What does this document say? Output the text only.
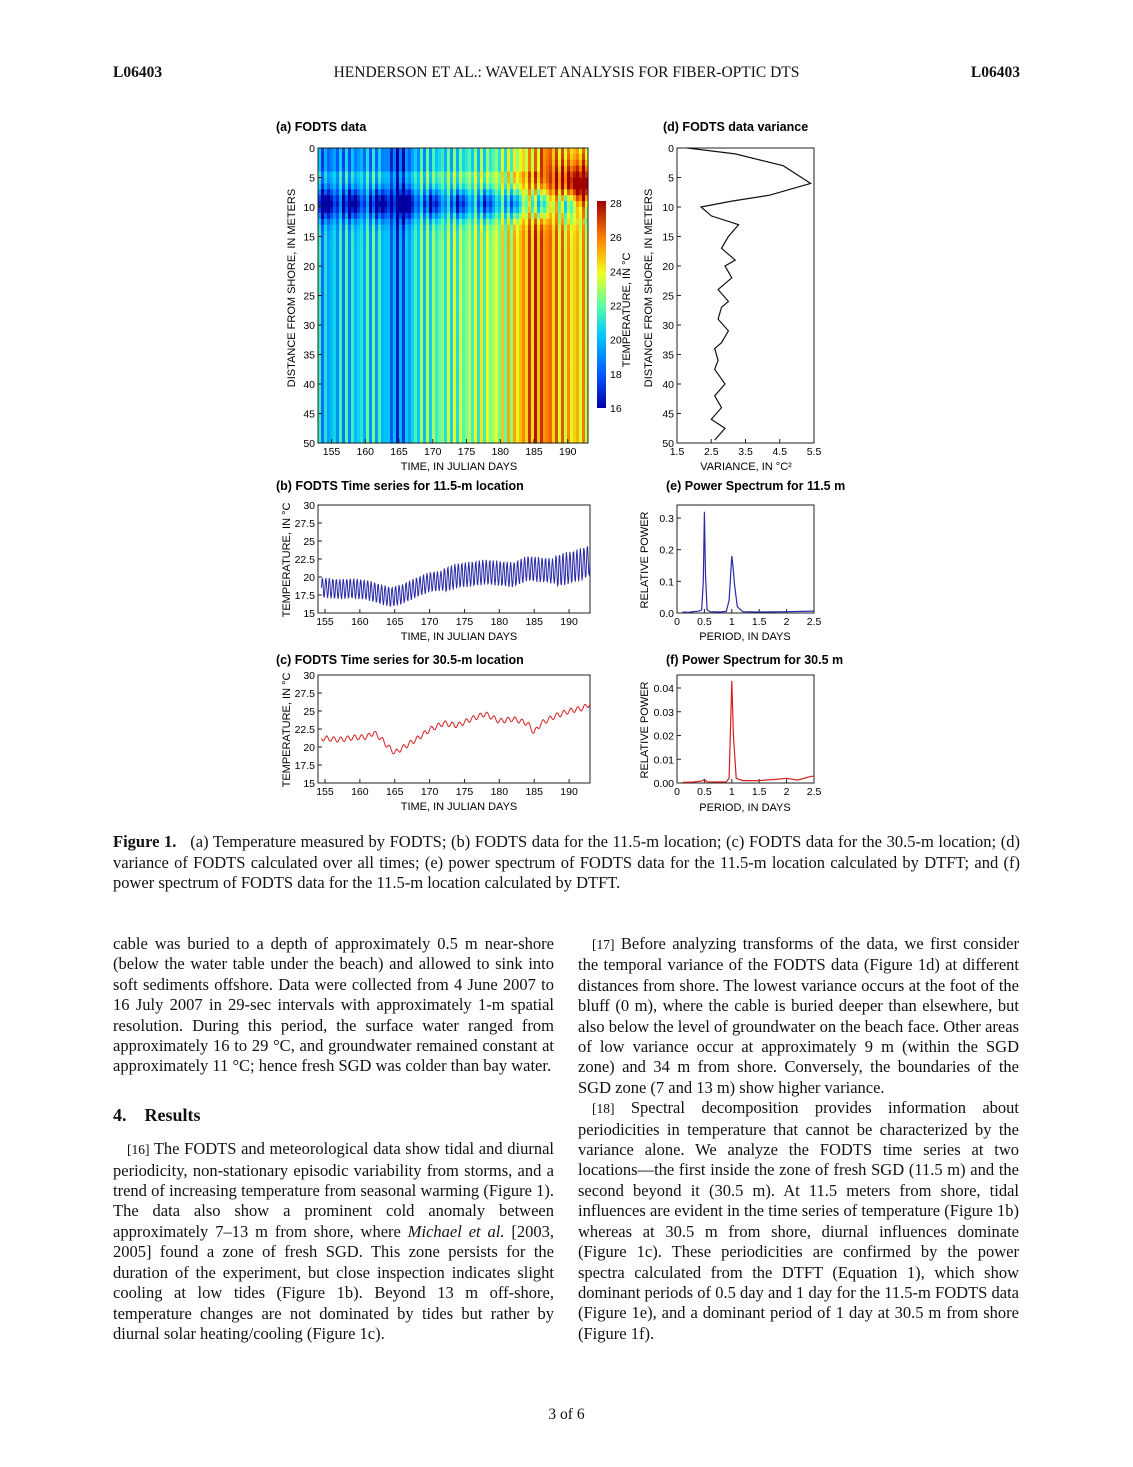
L06403	HENDERSON ET AL.: WAVELET ANALYSIS FOR FIBER-OPTIC DTS	L06403
(a) FODTS data
0
5
10
15
20
25
30
35
40
45
50
155 160 165 170 175 180 185 190
TIME, IN JULIAN DAYS
DISTANCE FROM SHORE, IN METERS	28
26
24
22
20
18
16
TEMPERATURE, IN °C
(d) FODTS data variance
0
5
10
15
20
25
30
35
40
45
50
1.5 2.5 3.5 4.5 5.5
VARIANCE, IN °C²
DISTANCE FROM SHORE, IN METERS
(b) FODTS Time series for 11.5-m location
30
27.5
25
22.5
20
17.5
15
155 160 165 170 175 180 185 190
TIME, IN JULIAN DAYS
TEMPERATURE, IN °C
(e) Power Spectrum for 11.5 m
0.3
0.2
0.1
0.0
0 0.5 1 1.5 2 2.5
PERIOD, IN DAYS
RELATIVE POWER
(c) FODTS Time series for 30.5-m location
30
27.5
25
22.5
20
17.5
15
155 160 165 170 175 180 185 190
TIME, IN JULIAN DAYS
TEMPERATURE, IN °C
(f) Power Spectrum for 30.5 m
0.04
0.03
0.02
0.01
0.00
0 0.5 1 1.5 2 2.5
PERIOD, IN DAYS
RELATIVE POWER
Figure 1. (a) Temperature measured by FODTS; (b) FODTS data for the 11.5-m location; (c) FODTS data for the 30.5-m location; (d) variance of FODTS calculated over all times; (e) power spectrum of FODTS data for the 11.5-m location calculated by DTFT; and (f) power spectrum of FODTS data for the 11.5-m location calculated by DTFT.

cable was buried to a depth of approximately 0.5 m near-shore (below the water table under the beach) and allowed to sink into soft sediments offshore. Data were collected from 4 June 2007 to 16 July 2007 in 29-sec intervals with approximately 1-m spatial resolution. During this period, the surface water ranged from approximately 16 to 29 °C, and groundwater remained constant at approximately 11 °C; hence fresh SGD was colder than bay water.

4. Results

[16] The FODTS and meteorological data show tidal and diurnal periodicity, non-stationary episodic variability from storms, and a trend of increasing temperature from seasonal warming (Figure 1). The data also show a prominent cold anomaly between approximately 7–13 m from shore, where Michael et al. [2003, 2005] found a zone of fresh SGD. This zone persists for the duration of the experiment, but close inspection indicates slight cooling at low tides (Figure 1b). Beyond 13 m off-shore, temperature changes are not dominated by tides but rather by diurnal solar heating/cooling (Figure 1c).

[17] Before analyzing transforms of the data, we first consider the temporal variance of the FODTS data (Figure 1d) at different distances from shore. The lowest variance occurs at the foot of the bluff (0 m), where the cable is buried deeper than elsewhere, but also below the level of groundwater on the beach face. Other areas of low variance occur at approximately 9 m (within the SGD zone) and 34 m from shore. Conversely, the boundaries of the SGD zone (7 and 13 m) show higher variance.

[18] Spectral decomposition provides information about periodicities in temperature that cannot be characterized by the variance alone. We analyze the FODTS time series at two locations—the first inside the zone of fresh SGD (11.5 m) and the second beyond it (30.5 m). At 11.5 meters from shore, tidal influences are evident in the time series of temperature (Figure 1b) whereas at 30.5 m from shore, diurnal influences dominate (Figure 1c). These periodicities are confirmed by the power spectra calculated from the DTFT (Equation 1), which show dominant periods of 0.5 day and 1 day for the 11.5-m FODTS data (Figure 1e), and a dominant period of 1 day at 30.5 m from shore (Figure 1f).

3 of 6
